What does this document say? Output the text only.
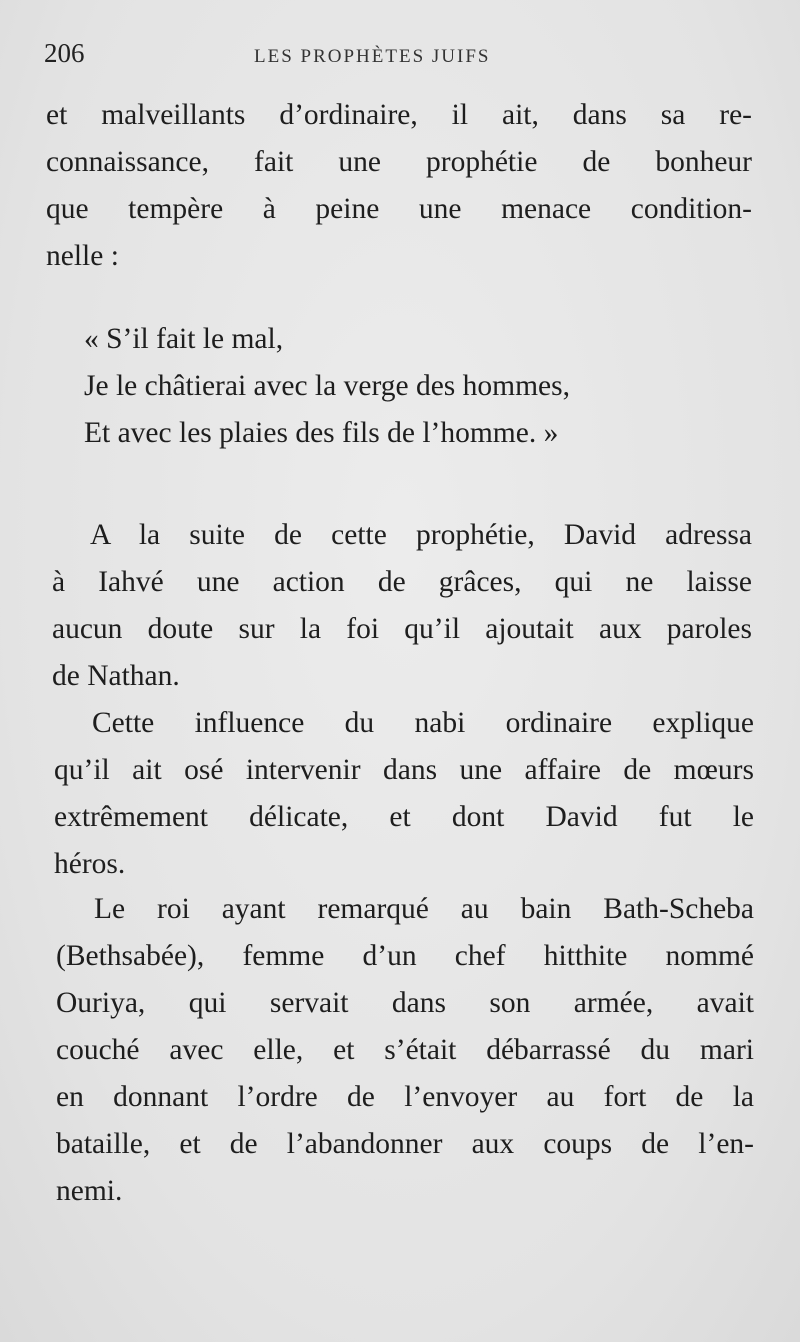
206	LES PROPHÈTES JUIFS
et malveillants d’ordinaire, il ait, dans sa re-
connaissance, fait une prophétie de bonheur
que tempère à peine une menace condition-
nelle :
« S’il fait le mal,
Je le châtierai avec la verge des hommes,
Et avec les plaies des fils de l’homme. »
A la suite de cette prophétie, David adressa
à Iahvé une action de grâces, qui ne laisse
aucun doute sur la foi qu’il ajoutait aux paroles
de Nathan.
Cette influence du nabi ordinaire explique
qu’il ait osé intervenir dans une affaire de mœurs
extrêmement délicate, et dont David fut le
héros.
Le roi ayant remarqué au bain Bath-Scheba
(Bethsabée), femme d’un chef hitthite nommé
Ouriya, qui servait dans son armée, avait
couché avec elle, et s’était débarrassé du mari
en donnant l’ordre de l’envoyer au fort de la
bataille, et de l’abandonner aux coups de l’en-
nemi.
